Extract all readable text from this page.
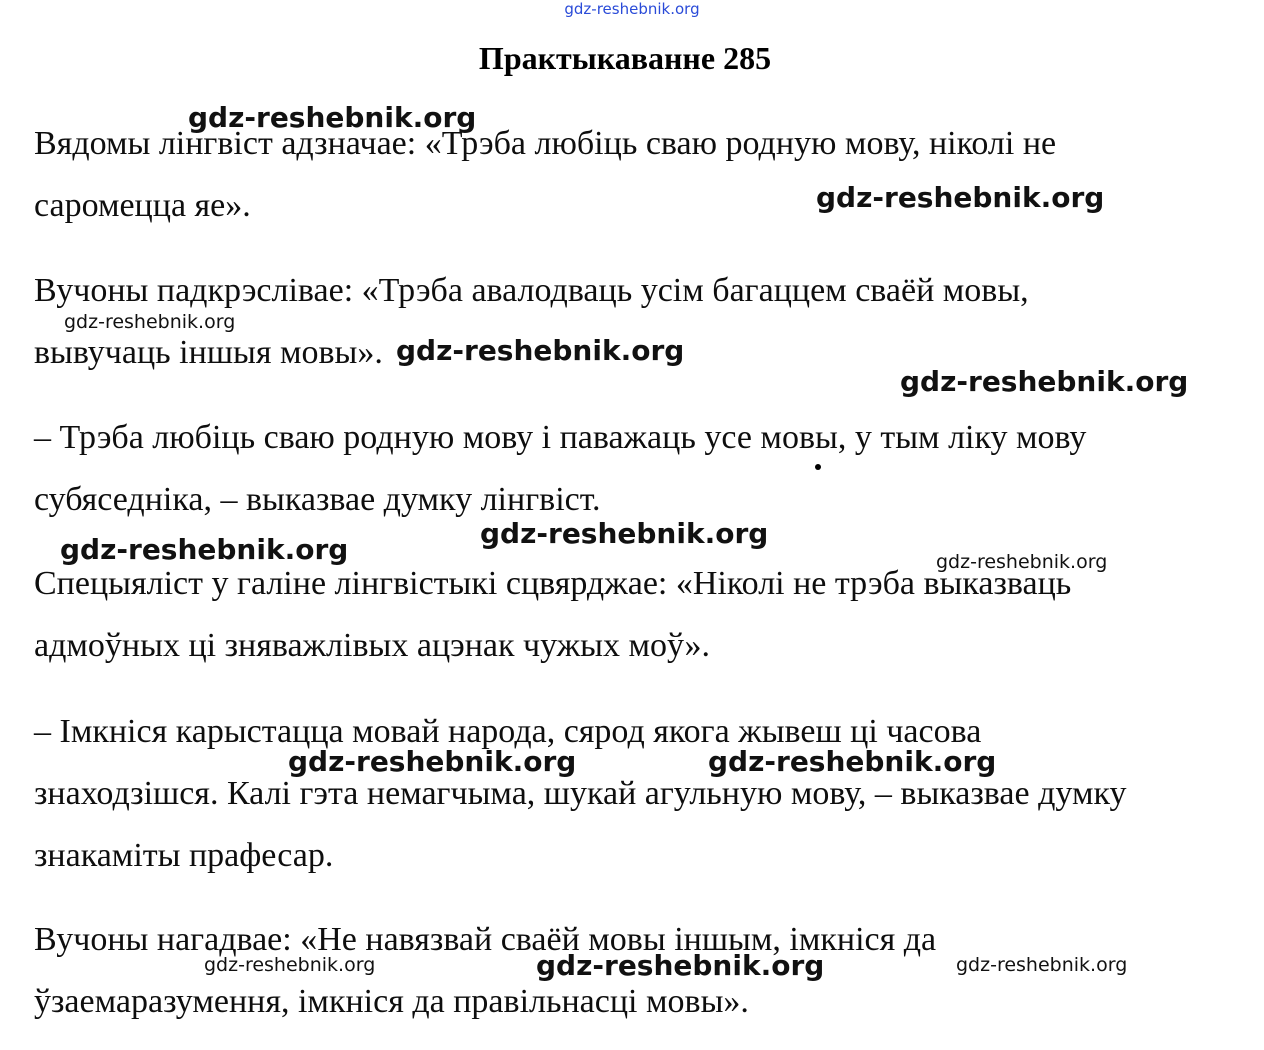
gdz-reshebnik.org
Практыкаванне 285

Вядомы лінгвіст адзначае: «Трэба любіць сваю родную мову, ніколі не

саромецца яе».

Вучоны падкрэслівае: «Трэба авалодваць усім багаццем сваёй мовы,

вывучаць іншыя мовы».

– Трэба любіць сваю родную мову і паважаць усе мовы, у тым ліку мову

субяседніка, – выказвае думку лінгвіст.

Спецыяліст у галіне лінгвістыкі сцвярджае: «Ніколі не трэба выказваць

адмоўных ці зняважлівых ацэнак чужых моў».

– Імкніся карыстацца мовай народа, сярод якога жывеш ці часова

знаходзішся. Калі гэта немагчыма, шукай агульную мову, – выказвае думку

знакаміты прафесар.

Вучоны нагадвае: «Не навязвай сваёй мовы іншым, імкніся да

ўзаемаразумення, імкніся да правільнасці мовы».

gdz-reshebnik.org
gdz-reshebnik.org
gdz-reshebnik.org
gdz-reshebnik.org
gdz-reshebnik.org
gdz-reshebnik.org
gdz-reshebnik.org	gdz-reshebnik.org
gdz-reshebnik.org	gdz-reshebnik.org
gdz-reshebnik.org	gdz-reshebnik.org	gdz-reshebnik.org
